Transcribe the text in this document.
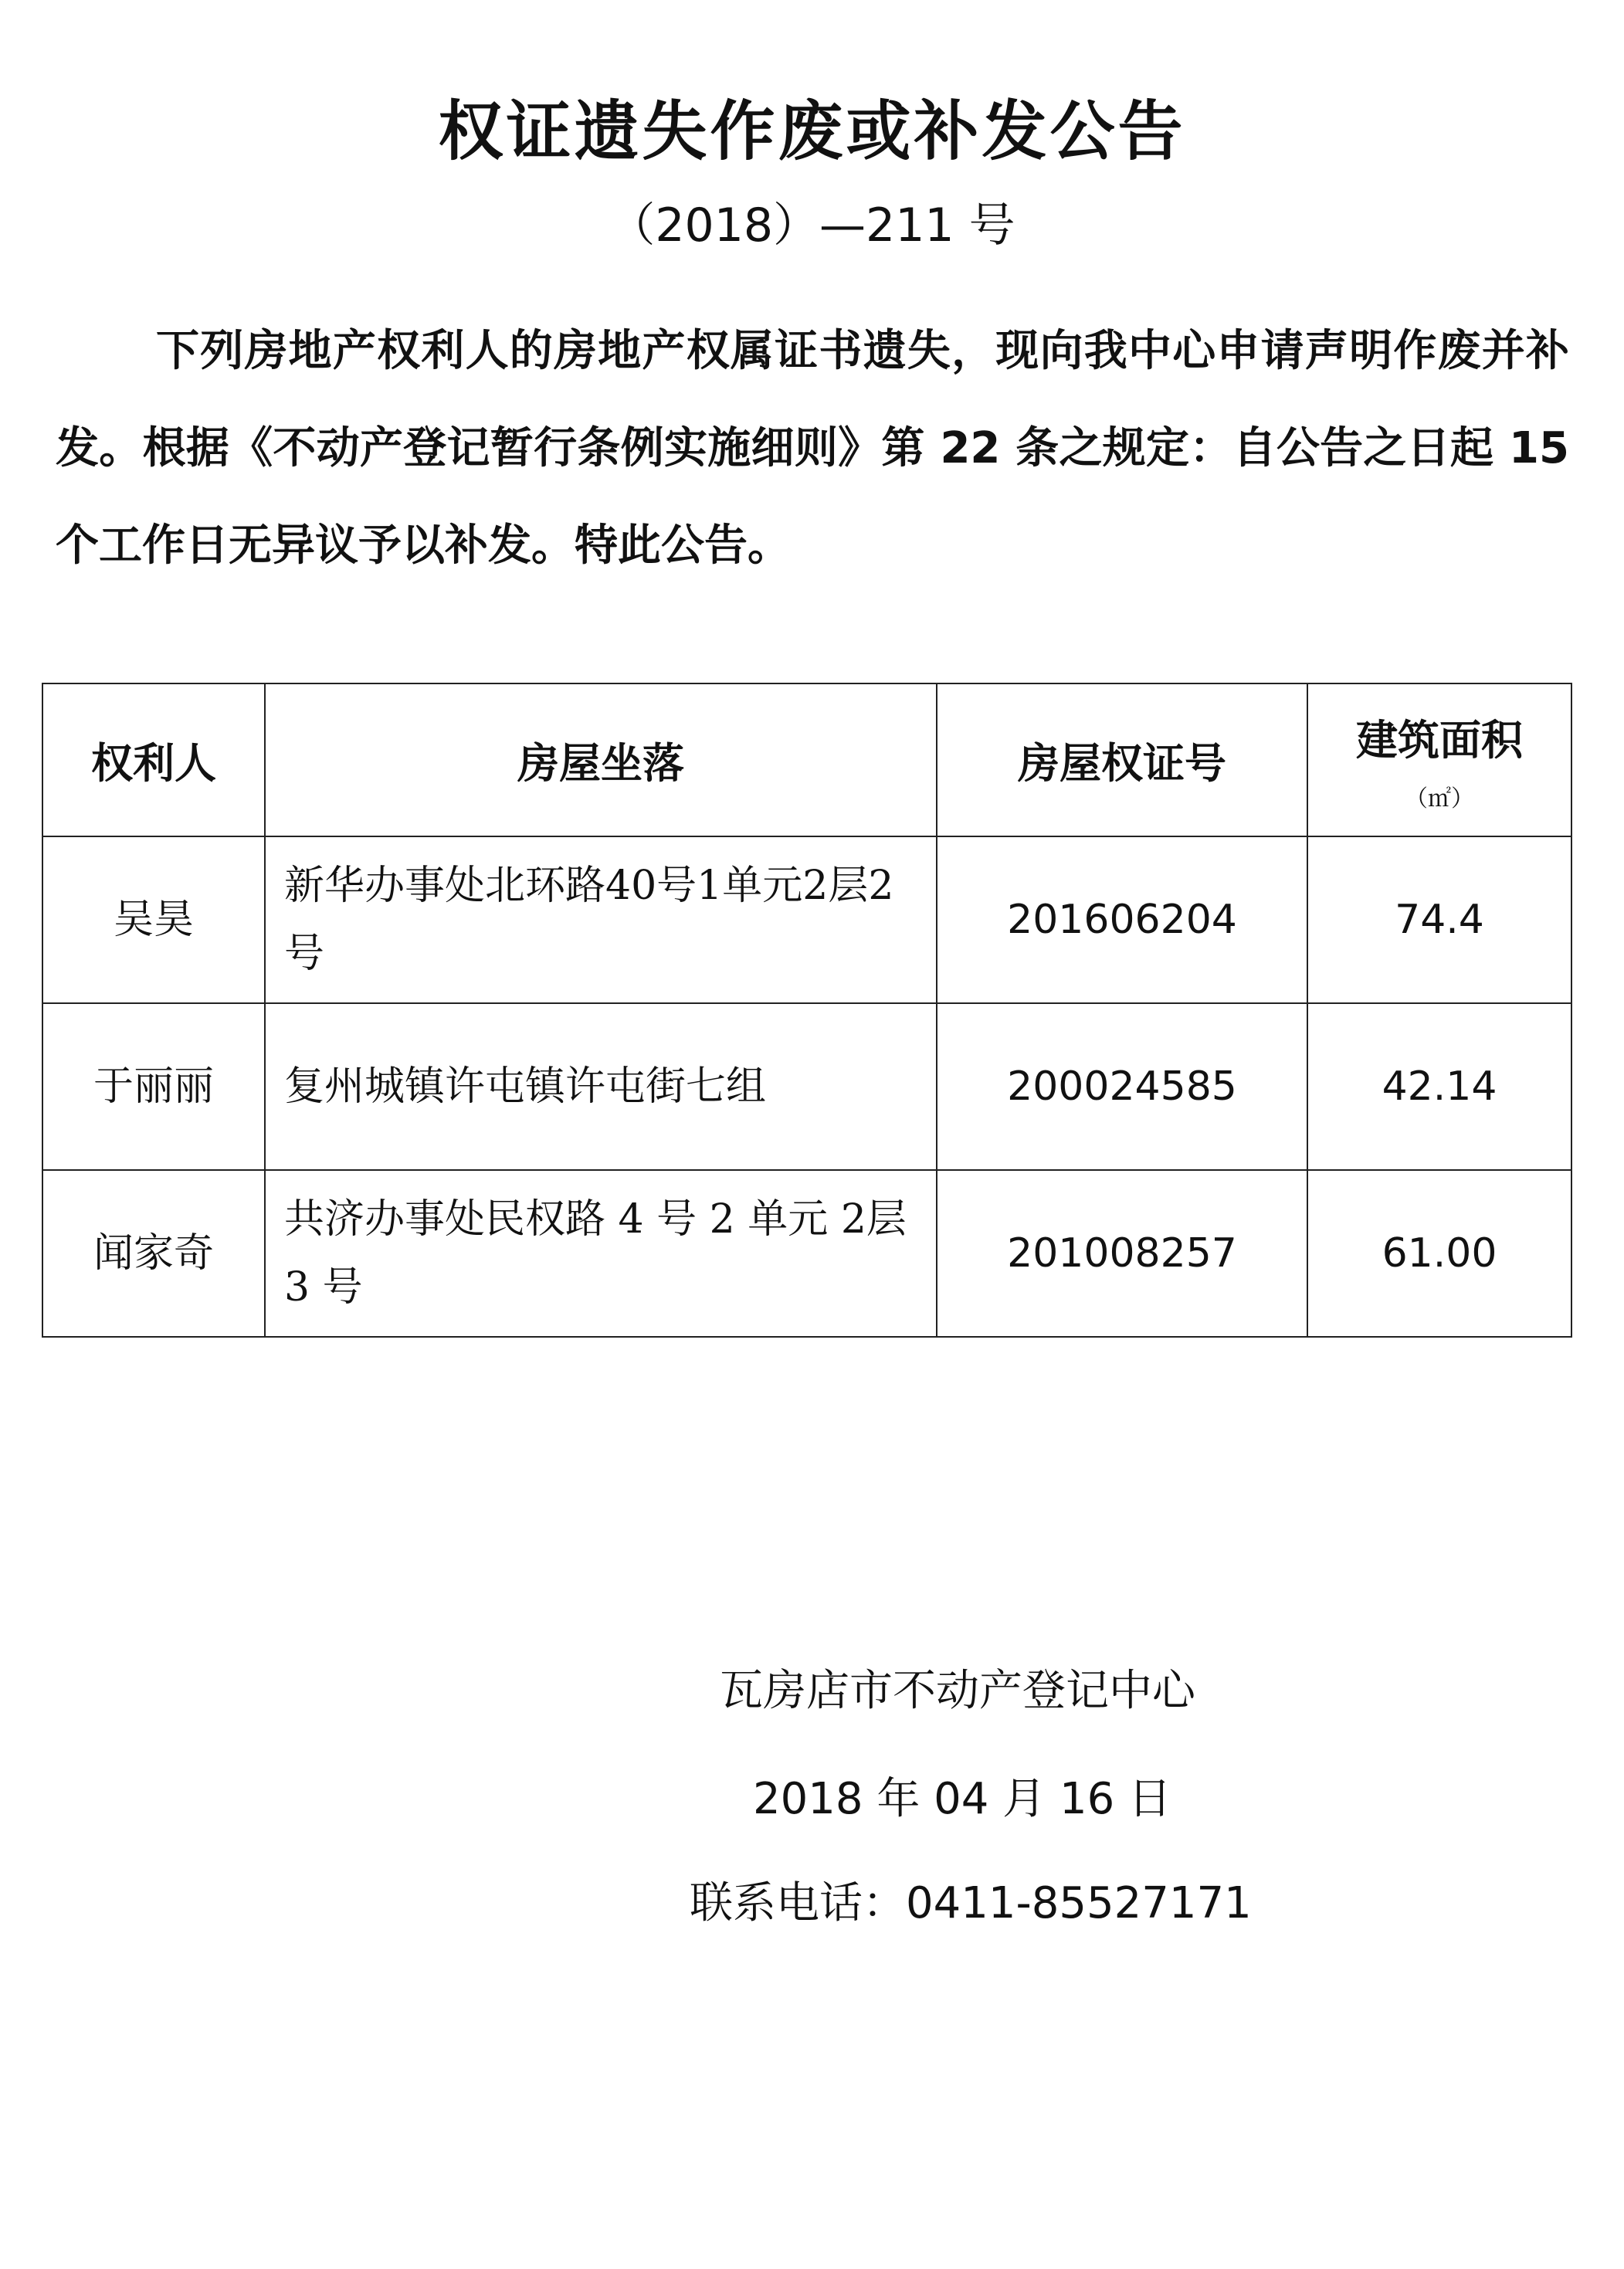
权证遗失作废或补发公告
（2018）—211 号

下列房地产权利人的房地产权属证书遗失，现向我中心申请声明作废并补发。根据《不动产登记暂行条例实施细则》第 22 条之规定：自公告之日起 15 个工作日无异议予以补发。特此公告。

权利人	房屋坐落	房屋权证号	建筑面积
（㎡）

吴昊	新华办事处北环路40号1单元2层2号	201606204	74.4
于丽丽	复州城镇许屯镇许屯街七组	200024585	42.14
闻家奇	共济办事处民权路 4 号 2 单元 2层 3 号	201008257	61.00
瓦房店市不动产登记中心
2018 年 04 月 16 日
联系电话：0411-85527171
